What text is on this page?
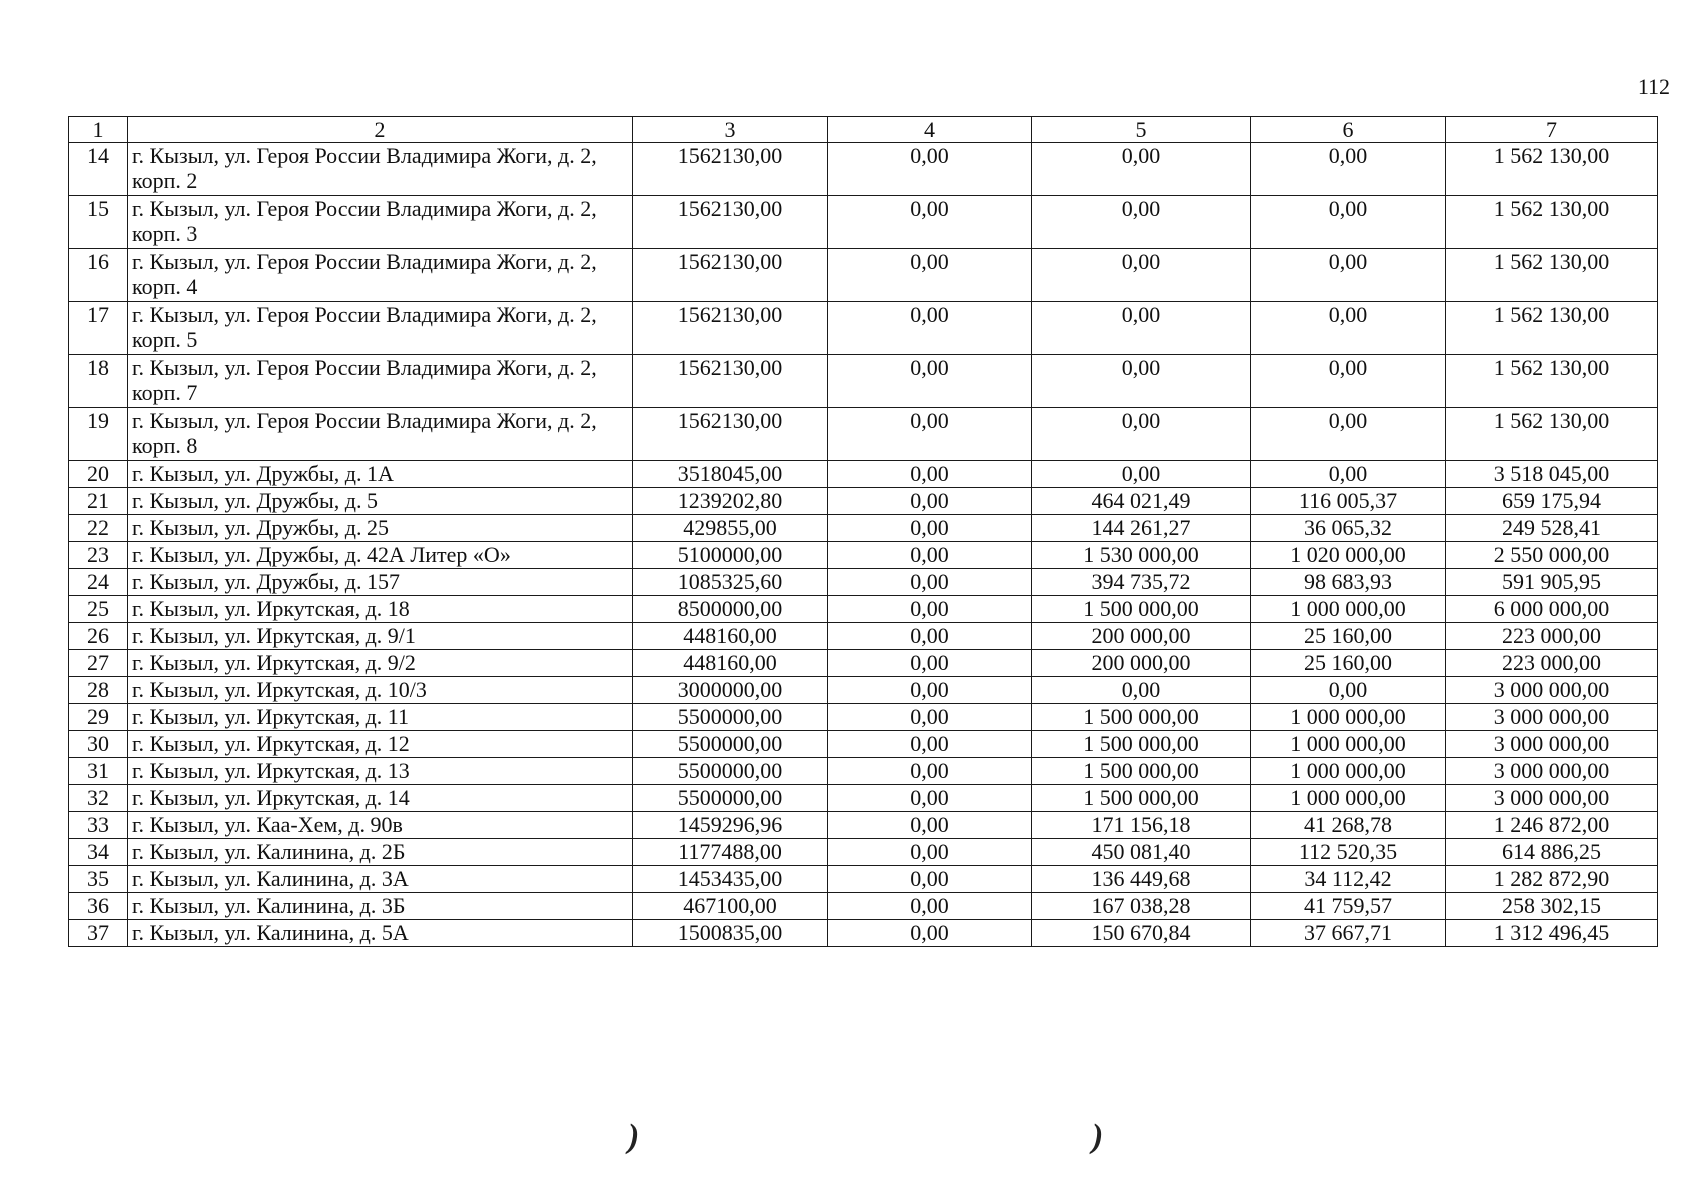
112
1	2	3	4	5	6	7
14	г. Кызыл, ул. Героя России Владимира Жоги, д. 2, корп. 2	1562130,00	0,00	0,00	0,00	1 562 130,00
15	г. Кызыл, ул. Героя России Владимира Жоги, д. 2, корп. 3	1562130,00	0,00	0,00	0,00	1 562 130,00
16	г. Кызыл, ул. Героя России Владимира Жоги, д. 2, корп. 4	1562130,00	0,00	0,00	0,00	1 562 130,00
17	г. Кызыл, ул. Героя России Владимира Жоги, д. 2, корп. 5	1562130,00	0,00	0,00	0,00	1 562 130,00
18	г. Кызыл, ул. Героя России Владимира Жоги, д. 2, корп. 7	1562130,00	0,00	0,00	0,00	1 562 130,00
19	г. Кызыл, ул. Героя России Владимира Жоги, д. 2, корп. 8	1562130,00	0,00	0,00	0,00	1 562 130,00
20	г. Кызыл, ул. Дружбы, д. 1А	3518045,00	0,00	0,00	0,00	3 518 045,00
21	г. Кызыл, ул. Дружбы, д. 5	1239202,80	0,00	464 021,49	116 005,37	659 175,94
22	г. Кызыл, ул. Дружбы, д. 25	429855,00	0,00	144 261,27	36 065,32	249 528,41
23	г. Кызыл, ул. Дружбы, д. 42А Литер «О»	5100000,00	0,00	1 530 000,00	1 020 000,00	2 550 000,00
24	г. Кызыл, ул. Дружбы, д. 157	1085325,60	0,00	394 735,72	98 683,93	591 905,95
25	г. Кызыл, ул. Иркутская, д. 18	8500000,00	0,00	1 500 000,00	1 000 000,00	6 000 000,00
26	г. Кызыл, ул. Иркутская, д. 9/1	448160,00	0,00	200 000,00	25 160,00	223 000,00
27	г. Кызыл, ул. Иркутская, д. 9/2	448160,00	0,00	200 000,00	25 160,00	223 000,00
28	г. Кызыл, ул. Иркутская, д. 10/3	3000000,00	0,00	0,00	0,00	3 000 000,00
29	г. Кызыл, ул. Иркутская, д. 11	5500000,00	0,00	1 500 000,00	1 000 000,00	3 000 000,00
30	г. Кызыл, ул. Иркутская, д. 12	5500000,00	0,00	1 500 000,00	1 000 000,00	3 000 000,00
31	г. Кызыл, ул. Иркутская, д. 13	5500000,00	0,00	1 500 000,00	1 000 000,00	3 000 000,00
32	г. Кызыл, ул. Иркутская, д. 14	5500000,00	0,00	1 500 000,00	1 000 000,00	3 000 000,00
33	г. Кызыл, ул. Каа-Хем, д. 90в	1459296,96	0,00	171 156,18	41 268,78	1 246 872,00
34	г. Кызыл, ул. Калинина, д. 2Б	1177488,00	0,00	450 081,40	112 520,35	614 886,25
35	г. Кызыл, ул. Калинина, д. 3А	1453435,00	0,00	136 449,68	34 112,42	1 282 872,90
36	г. Кызыл, ул. Калинина, д. 3Б	467100,00	0,00	167 038,28	41 759,57	258 302,15
37	г. Кызыл, ул. Калинина, д. 5А	1500835,00	0,00	150 670,84	37 667,71	1 312 496,45
)	)
